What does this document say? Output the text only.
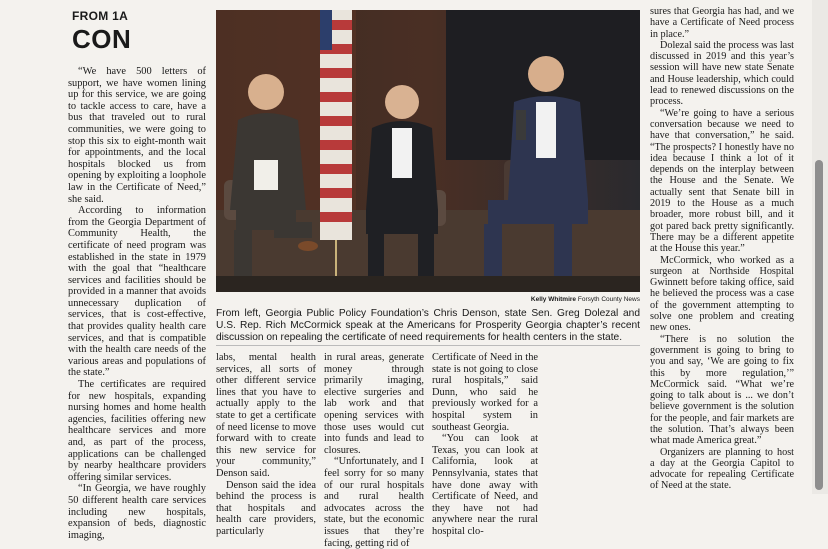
FROM 1A
CON

“We have 500 letters of support, we have women lining up for this service, we are going to tackle access to care, have a bus that traveled out to rural communities, we were going to stop this six to eight-month wait for appointments, and the local hospitals blocked us from opening by exploiting a loophole law in the Certificate of Need,” she said.

According to information from the Georgia Department of Community Health, the certificate of need program was established in the state in 1979 with the goal that “healthcare services and facilities should be provided in a manner that avoids unnecessary duplication of services, that is cost-effective, that provides quality health care services, and that is compatible with the health care needs of the various areas and populations of the state.”

The certificates are required for new hospitals, expanding nursing homes and home health agencies, facilities offering new healthcare services and more and, as part of the process, applications can be challenged by nearby healthcare providers offering similar services.

“In Georgia, we have roughly 50 different health care services including new hospitals, expansion of beds, diagnostic imaging,

Kelly Whitmire Forsyth County News
From left, Georgia Public Policy Foundation’s Chris Denson, state Sen. Greg Dolezal and U.S. Rep. Rich McCormick speak at the Americans for Prosperity Georgia chapter’s recent discussion on repealing the certificate of need requirements for health centers in the state.

labs, mental health services, all sorts of other different service lines that you have to actually apply to the state to get a certificate of need license to move forward with to create this new service for your community,” Denson said.

Denson said the idea behind the process is that hospitals and health care providers, particularly

in rural areas, generate money through primarily imaging, elective surgeries and lab work and that opening services with those uses would cut into funds and lead to closures.

“Unfortunately, and I feel sorry for so many of our rural hospitals and rural health advocates across the state, but the economic issues that they’re facing, getting rid of

Certificate of Need in the state is not going to close rural hospitals,” said Dunn, who said he previously worked for a hospital system in southeast Georgia.

“You can look at Texas, you can look at California, look at Pennsylvania, states that have done away with Certificate of Need, and they have not had anywhere near the rural hospital clo-

sures that Georgia has had, and we have a Certificate of Need process in place.”

Dolezal said the process was last discussed in 2019 and this year’s session will have new state Senate and House leadership, which could lead to renewed discussions on the process.

“We’re going to have a serious conversation because we need to have that conversation,” he said. “The prospects? I honestly have no idea because I think a lot of it depends on the interplay between the House and the Senate. We actually sent that Senate bill in 2019 to the House as a much broader, more robust bill, and it got pared back pretty significantly. There may be a different appetite at the House this year.”

McCormick, who worked as a surgeon at Northside Hospital Gwinnett before taking office, said he believed the process was a case of the government attempting to solve one problem and creating new ones.

“There is no solution the government is going to bring to you and say, ‘We are going to fix this by more regulation,’” McCormick said. “What we’re going to talk about is ... we don’t believe government is the solution for the people, and fair markets are the solution. That’s always been what made America great.”

Organizers are planning to host a day at the Georgia Capitol to advocate for repealing Certificate of Need at the state.
